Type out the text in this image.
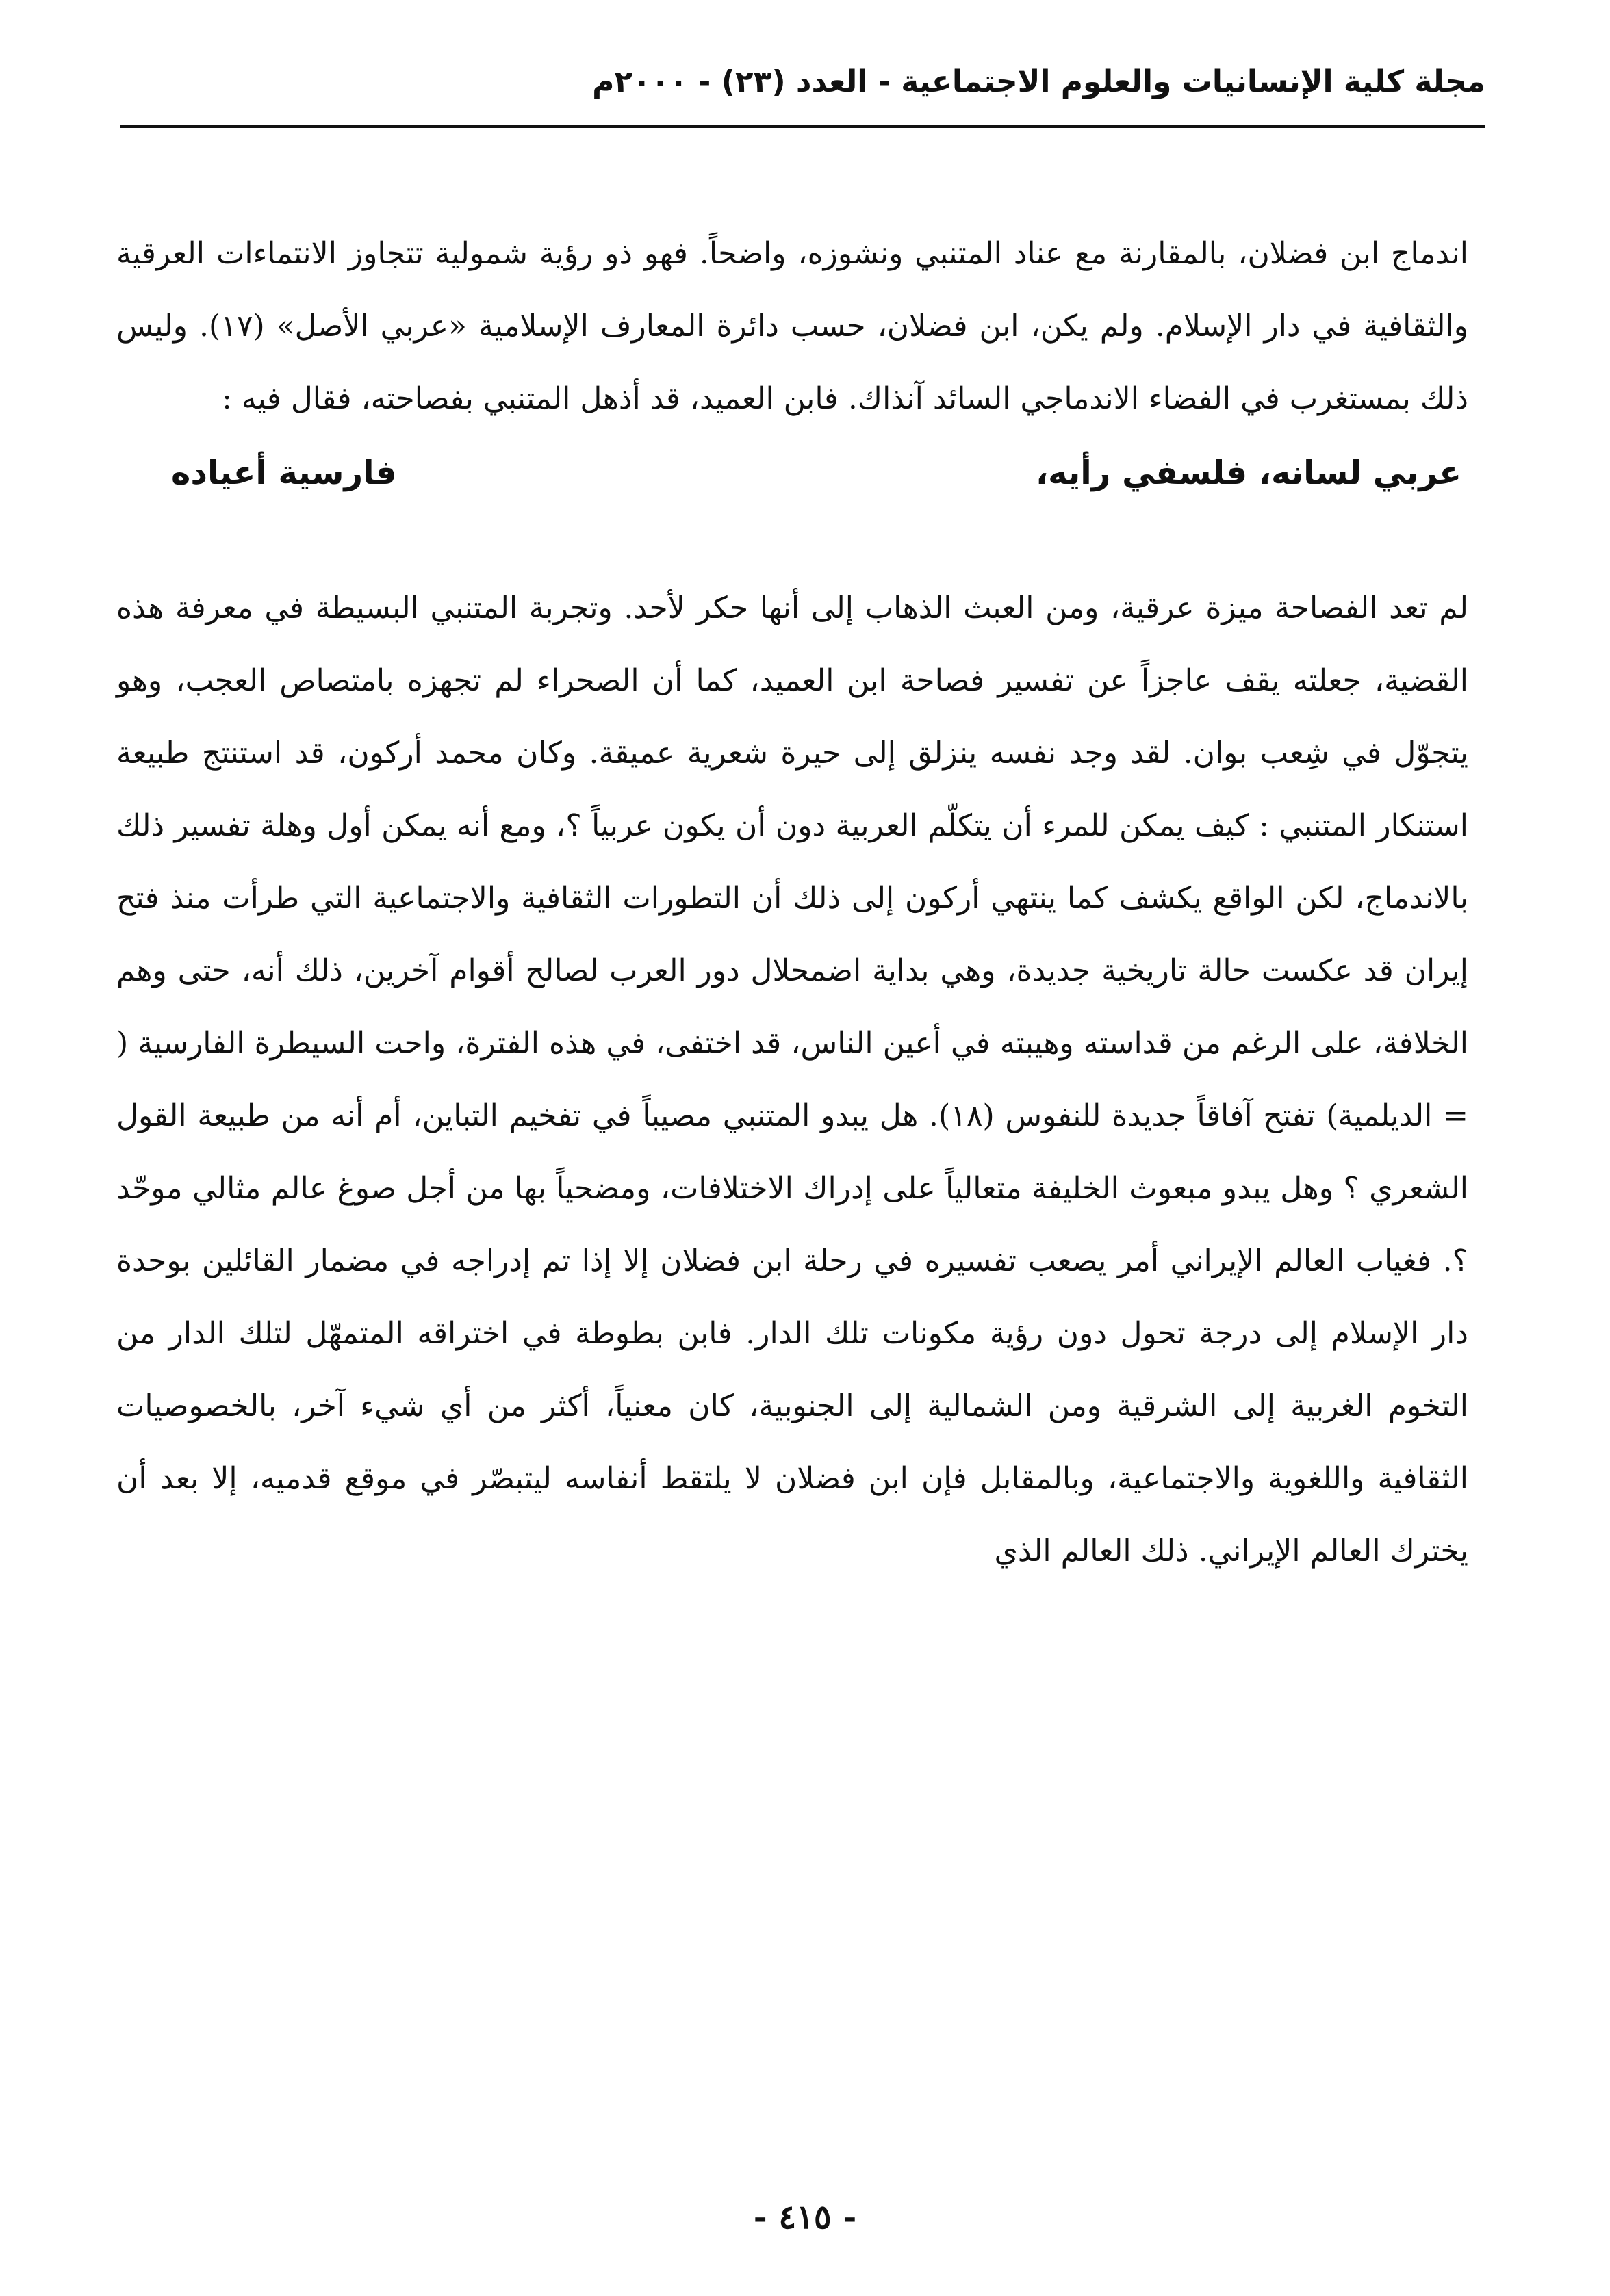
مجلة كلية الإنسانيات والعلوم الاجتماعية - العدد (٢٣) - ٢٠٠٠م

اندماج ابن فضلان، بالمقارنة مع عناد المتنبي ونشوزه، واضحاً. فهو ذو رؤية شمولية تتجاوز الانتماءات العرقية والثقافية في دار الإسلام. ولم يكن، ابن فضلان، حسب دائرة المعارف الإسلامية «عربي الأصل» (١٧). وليس ذلك بمستغرب في الفضاء الاندماجي السائد آنذاك. فابن العميد، قد أذهل المتنبي بفصاحته، فقال فيه :

عربي لسانه، فلسفي رأيه،
فارسية أعياده

لم تعد الفصاحة ميزة عرقية، ومن العبث الذهاب إلى أنها حكر لأحد. وتجربة المتنبي البسيطة في معرفة هذه القضية، جعلته يقف عاجزاً عن تفسير فصاحة ابن العميد، كما أن الصحراء لم تجهزه بامتصاص العجب، وهو يتجوّل في شِعب بوان. لقد وجد نفسه ينزلق إلى حيرة شعرية عميقة. وكان محمد أركون، قد استنتج طبيعة استنكار المتنبي : كيف يمكن للمرء أن يتكلّم العربية دون أن يكون عربياً ؟، ومع أنه يمكن أول وهلة تفسير ذلك بالاندماج، لكن الواقع يكشف كما ينتهي أركون إلى ذلك أن التطورات الثقافية والاجتماعية التي طرأت منذ فتح إيران قد عكست حالة تاريخية جديدة، وهي بداية اضمحلال دور العرب لصالح أقوام آخرين، ذلك أنه، حتى وهم الخلافة، على الرغم من قداسته وهيبته في أعين الناس، قد اختفى، في هذه الفترة، واحت السيطرة الفارسية ( = الديلمية) تفتح آفاقاً جديدة للنفوس (١٨). هل يبدو المتنبي مصيباً في تفخيم التباين، أم أنه من طبيعة القول الشعري ؟ وهل يبدو مبعوث الخليفة متعالياً على إدراك الاختلافات، ومضحياً بها من أجل صوغ عالم مثالي موحّد ؟. فغياب العالم الإيراني أمر يصعب تفسيره في رحلة ابن فضلان إلا إذا تم إدراجه في مضمار القائلين بوحدة دار الإسلام إلى درجة تحول دون رؤية مكونات تلك الدار. فابن بطوطة في اختراقه المتمهّل لتلك الدار من التخوم الغربية إلى الشرقية ومن الشمالية إلى الجنوبية، كان معنياً، أكثر من أي شيء آخر، بالخصوصيات الثقافية واللغوية والاجتماعية، وبالمقابل فإن ابن فضلان لا يلتقط أنفاسه ليتبصّر في موقع قدميه، إلا بعد أن يخترك العالم الإيراني. ذلك العالم الذي

- ٤١٥ -
